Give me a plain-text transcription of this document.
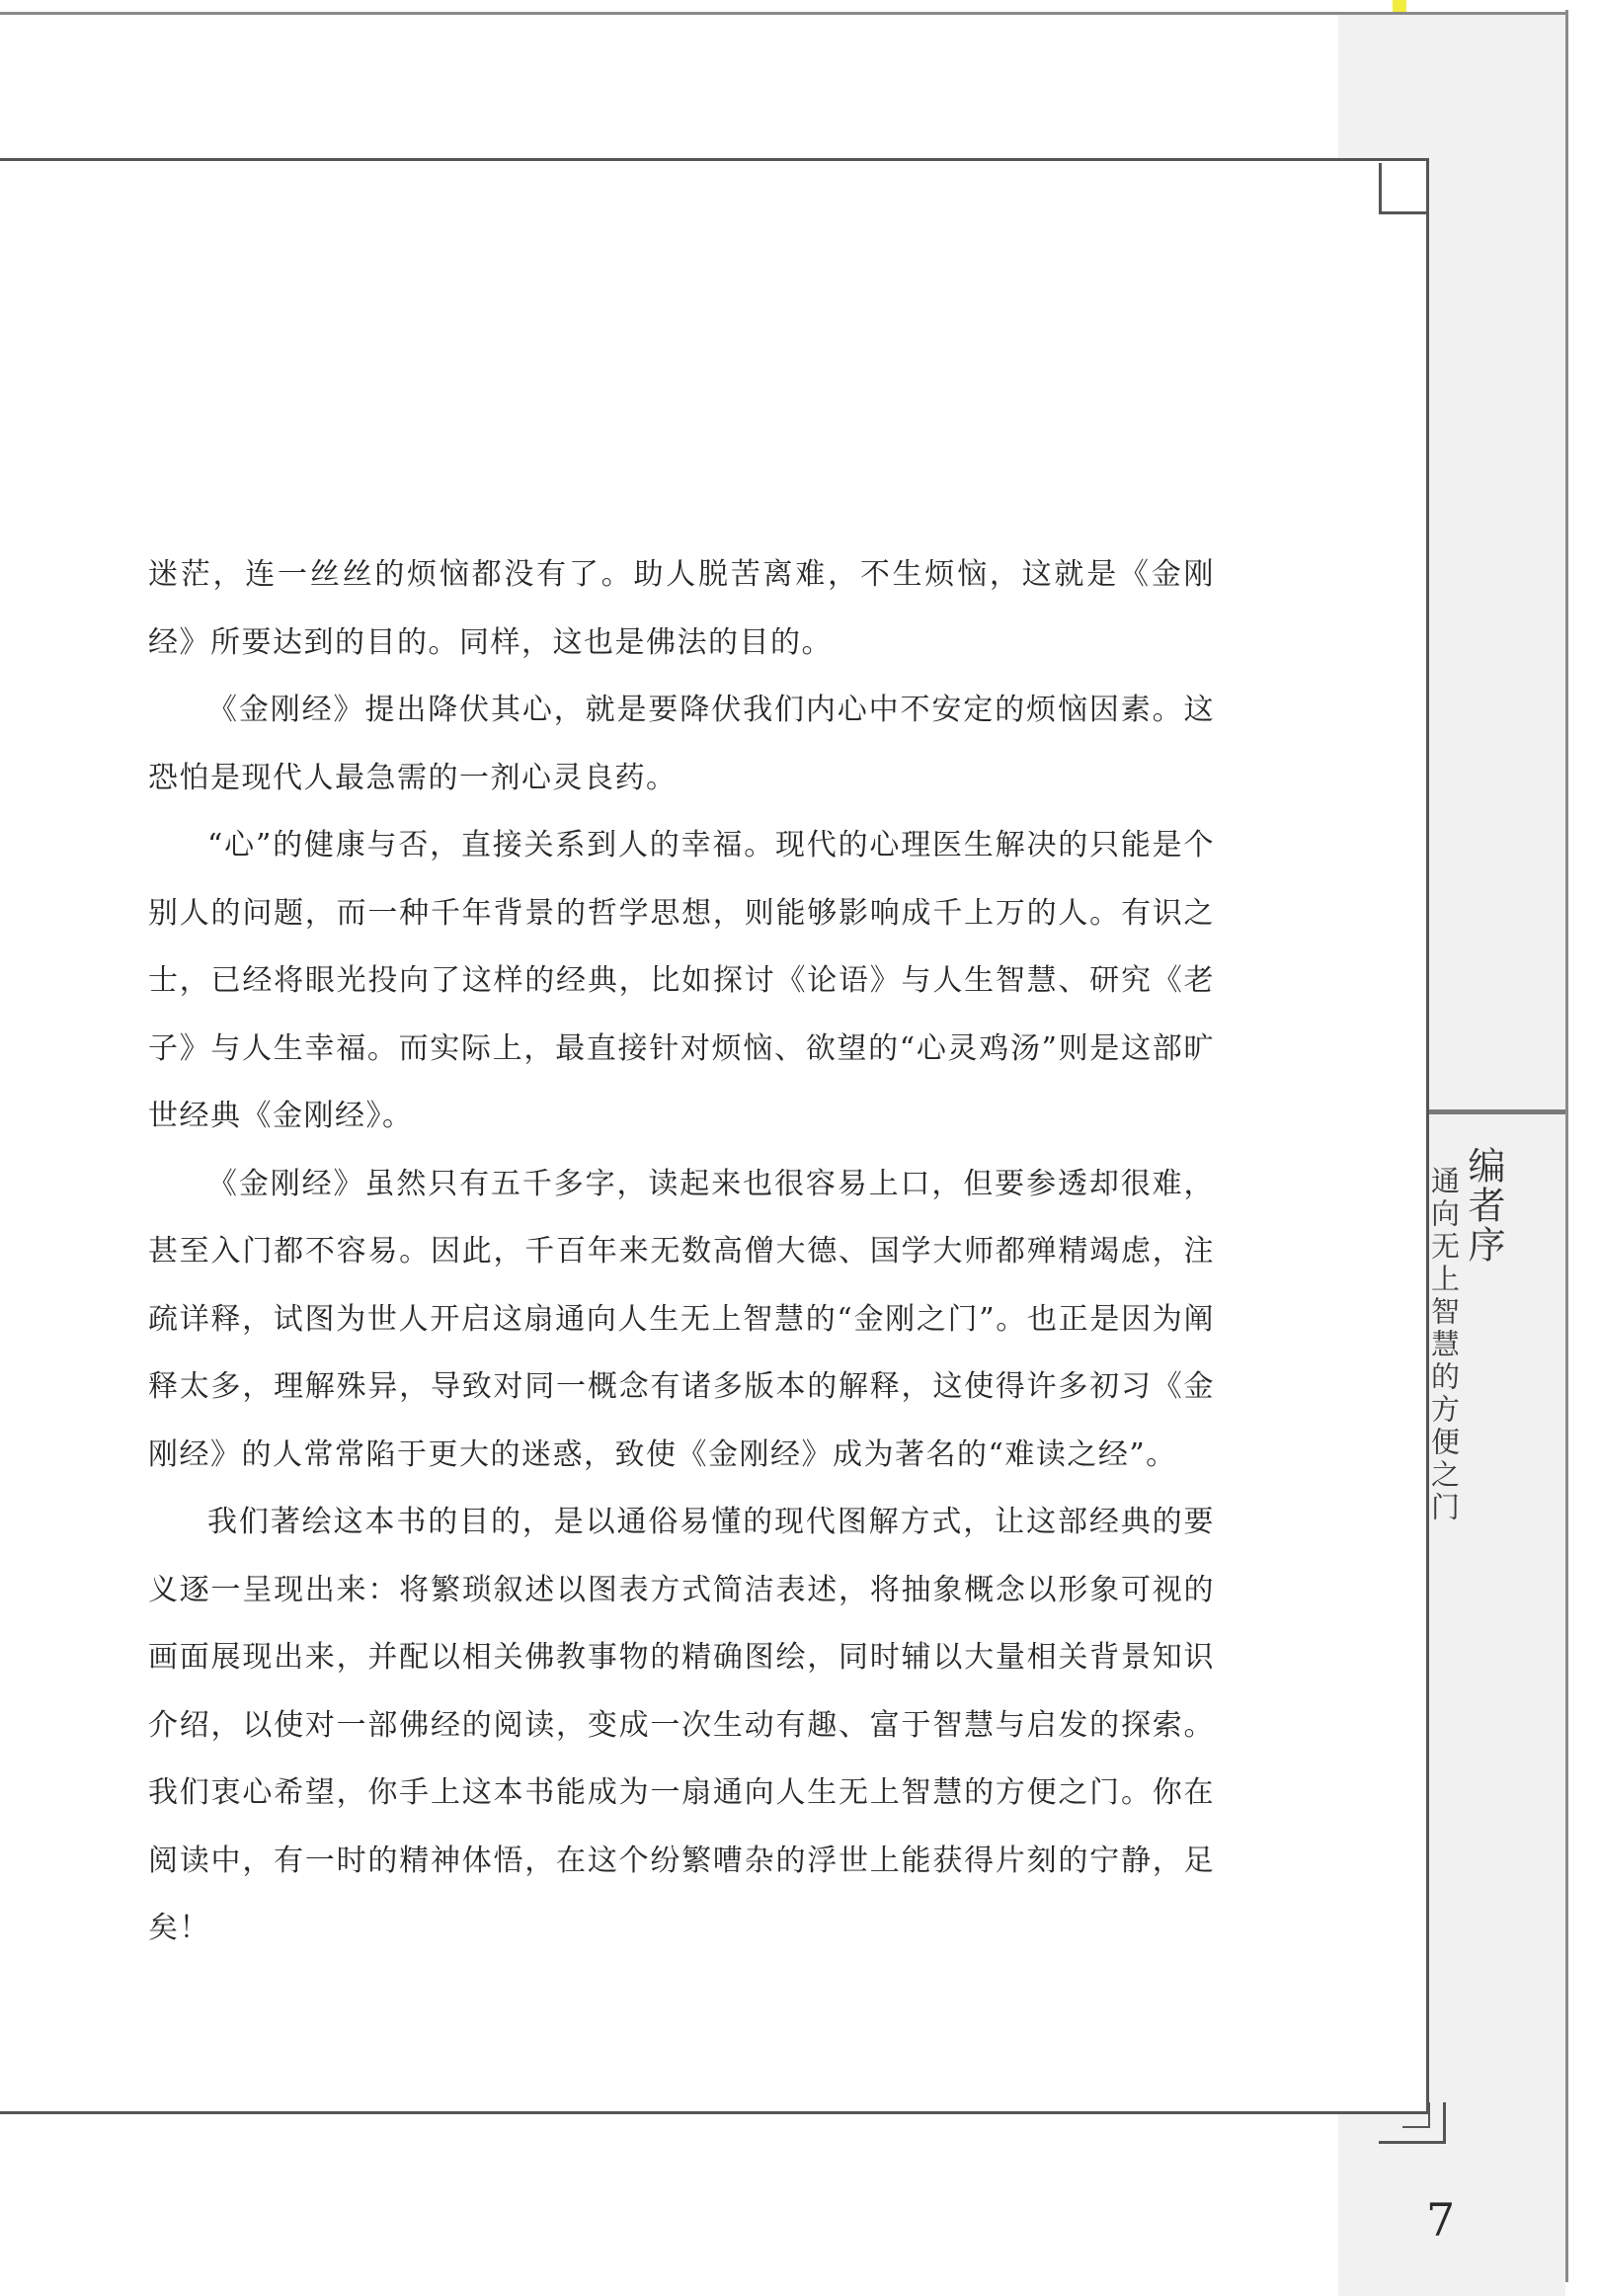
编者序
通向无上智慧的方便之门
7

迷茫，连一丝丝的烦恼都没有了。助人脱苦离难，不生烦恼，这就是《金刚经》所要达到的目的。同样，这也是佛法的目的。

《金刚经》提出降伏其心，就是要降伏我们内心中不安定的烦恼因素。这恐怕是现代人最急需的一剂心灵良药。

“心”的健康与否，直接关系到人的幸福。现代的心理医生解决的只能是个别人的问题，而一种千年背景的哲学思想，则能够影响成千上万的人。有识之士，已经将眼光投向了这样的经典，比如探讨《论语》与人生智慧、研究《老子》与人生幸福。而实际上，最直接针对烦恼、欲望的“心灵鸡汤”则是这部旷世经典《金刚经》。

《金刚经》虽然只有五千多字，读起来也很容易上口，但要参透却很难，甚至入门都不容易。因此，千百年来无数高僧大德、国学大师都殚精竭虑，注疏详释，试图为世人开启这扇通向人生无上智慧的“金刚之门”。也正是因为阐释太多，理解殊异，导致对同一概念有诸多版本的解释，这使得许多初习《金刚经》的人常常陷于更大的迷惑，致使《金刚经》成为著名的“难读之经”。

我们著绘这本书的目的，是以通俗易懂的现代图解方式，让这部经典的要义逐一呈现出来：将繁琐叙述以图表方式简洁表述，将抽象概念以形象可视的画面展现出来，并配以相关佛教事物的精确图绘，同时辅以大量相关背景知识介绍，以使对一部佛经的阅读，变成一次生动有趣、富于智慧与启发的探索。我们衷心希望，你手上这本书能成为一扇通向人生无上智慧的方便之门。你在阅读中，有一时的精神体悟，在这个纷繁嘈杂的浮世上能获得片刻的宁静，足矣！
